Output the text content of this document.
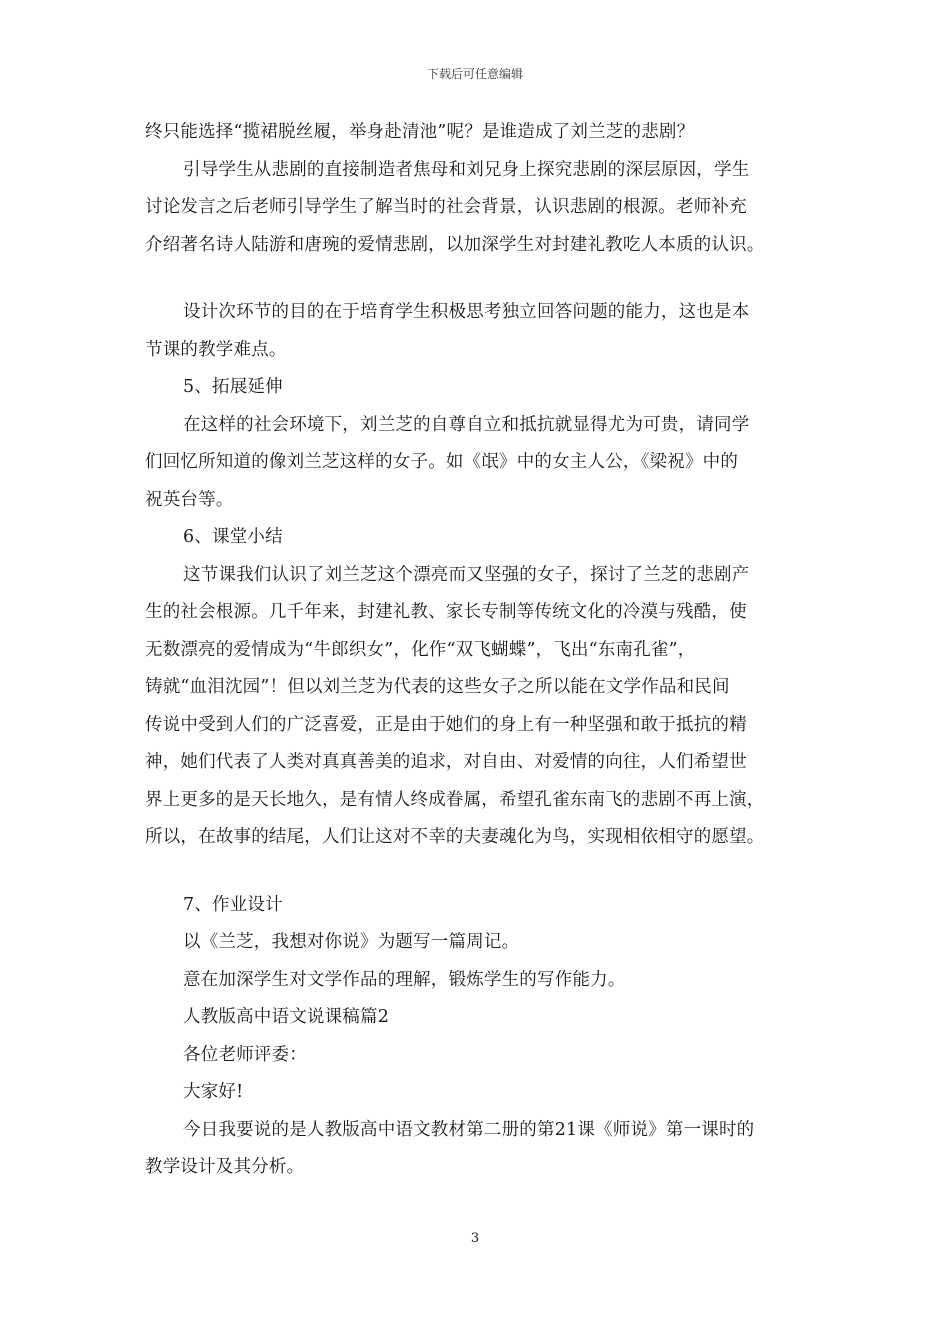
下载后可任意编辑
终只能选择“揽裙脱丝履，举身赴清池”呢？是谁造成了刘兰芝的悲剧？
引导学生从悲剧的直接制造者焦母和刘兄身上探究悲剧的深层原因，学生
讨论发言之后老师引导学生了解当时的社会背景，认识悲剧的根源。老师补充
介绍著名诗人陆游和唐琬的爱情悲剧，以加深学生对封建礼教吃人本质的认识。
设计次环节的目的在于培育学生积极思考独立回答问题的能力，这也是本
节课的教学难点。
5、拓展延伸
在这样的社会环境下，刘兰芝的自尊自立和抵抗就显得尤为可贵，请同学
们回忆所知道的像刘兰芝这样的女子。如《氓》中的女主人公，《梁祝》中的
祝英台等。
6、课堂小结
这节课我们认识了刘兰芝这个漂亮而又坚强的女子，探讨了兰芝的悲剧产
生的社会根源。几千年来，封建礼教、家长专制等传统文化的冷漠与残酷，使
无数漂亮的爱情成为“牛郎织女”，化作“双飞蝴蝶”，飞出“东南孔雀”，
铸就“血泪沈园”！但以刘兰芝为代表的这些女子之所以能在文学作品和民间
传说中受到人们的广泛喜爱，正是由于她们的身上有一种坚强和敢于抵抗的精
神，她们代表了人类对真真善美的追求，对自由、对爱情的向往，人们希望世
界上更多的是天长地久，是有情人终成眷属，希望孔雀东南飞的悲剧不再上演，
所以，在故事的结尾，人们让这对不幸的夫妻魂化为鸟，实现相依相守的愿望。
7、作业设计
以《兰芝，我想对你说》为题写一篇周记。
意在加深学生对文学作品的理解，锻炼学生的写作能力。
人教版高中语文说课稿篇2
各位老师评委：
大家好!
今日我要说的是人教版高中语文教材第二册的第21课《师说》第一课时的
教学设计及其分析。
3
